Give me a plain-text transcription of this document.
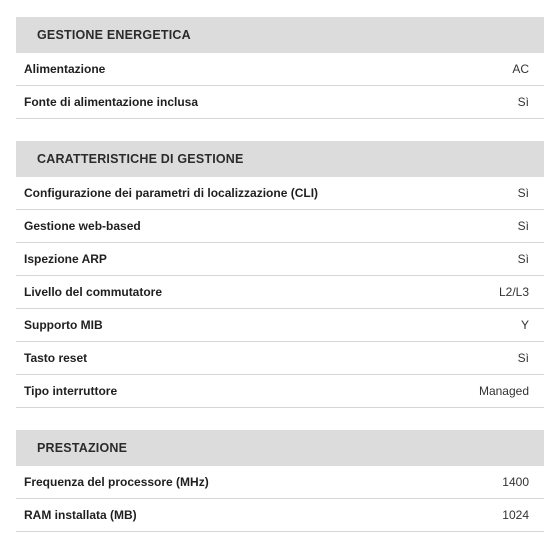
GESTIONE ENERGETICA
Alimentazione	AC
Fonte di alimentazione inclusa	Sì
CARATTERISTICHE DI GESTIONE
Configurazione dei parametri di localizzazione (CLI)	Sì
Gestione web-based	Sì
Ispezione ARP	Sì
Livello del commutatore	L2/L3
Supporto MIB	Y
Tasto reset	Sì
Tipo interruttore	Managed
PRESTAZIONE
Frequenza del processore (MHz)	1400
RAM installata (MB)	1024
